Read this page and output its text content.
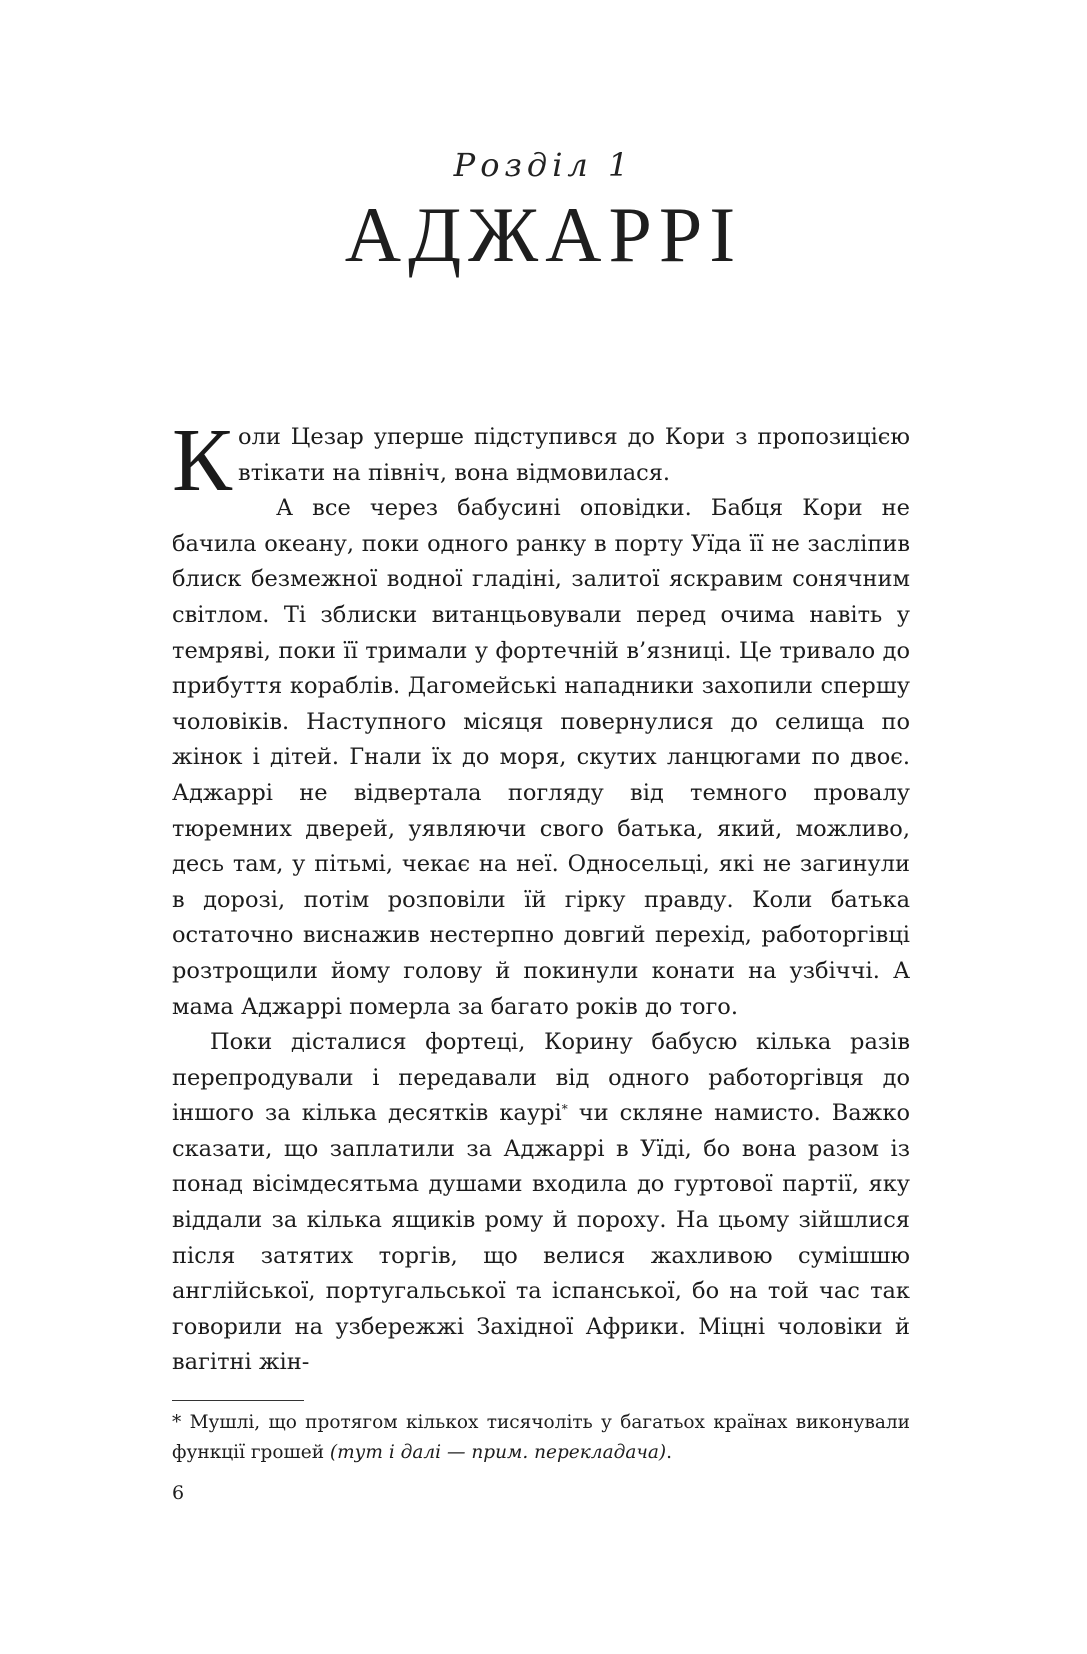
Розділ 1
АДЖАРРІ

Коли Цезар уперше підступився до Кори з пропозицією втікати на північ, вона відмовилася.

А все через бабусині оповідки. Бабця Кори не бачила океану, поки одного ранку в порту Уїда її не засліпив блиск безмежної водної гладіні, залитої яскравим сонячним світлом. Ті зблиски витанцьовували перед очима навіть у темряві, поки її тримали у фортечній в’язниці. Це тривало до прибуття кораблів. Дагомейські нападники захопили спершу чоловіків. Наступного місяця повернулися до селища по жінок і дітей. Гнали їх до моря, скутих ланцюгами по двоє. Аджаррі не відвертала погляду від темного провалу тюремних дверей, уявляючи свого батька, який, можливо, десь там, у пітьмі, чекає на неї. Односельці, які не загинули в дорозі, потім розповіли їй гірку правду. Коли батька остаточно виснажив нестерпно довгий перехід, работоргівці розтрощили йому голову й покинули конати на узбіччі. А мама Аджаррі померла за багато років до того.

Поки дісталися фортеці, Корину бабусю кілька разів перепродували і передавали від одного работоргівця до іншого за кілька десятків каурі* чи скляне намисто. Важко сказати, що заплатили за Аджаррі в Уїді, бо вона разом із понад вісімдесятьма душами входила до гуртової партії, яку віддали за кілька ящиків рому й пороху. На цьому зійшлися після затятих торгів, що велися жахливою сумішшю англійської, португальської та іспанської, бо на той час так говорили на узбережжі Західної Африки. Міцні чоловіки й вагітні жін-

* Мушлі, що протягом кількох тисячоліть у багатьох країнах виконували функції грошей (тут і далі — прим. перекладача).
6
